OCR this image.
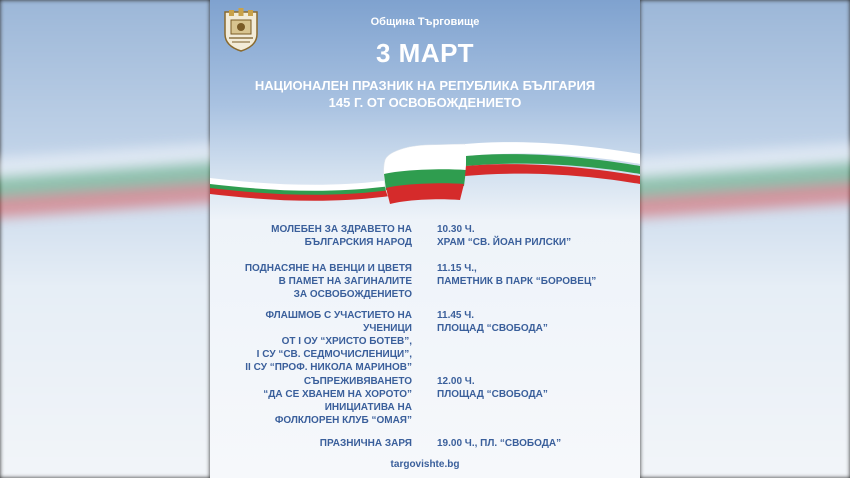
Община Търговище
3 МАРТ
НАЦИОНАЛЕН ПРАЗНИК НА РЕПУБЛИКА БЪЛГАРИЯ
145 Г. ОТ ОСВОБОЖДЕНИЕТО
МОЛЕБЕН ЗА ЗДРАВЕТО НА
БЪЛГАРСКИЯ НАРОД
10.30 Ч.
ХРАМ “СВ. ЙОАН РИЛСКИ”
ПОДНАСЯНЕ НА ВЕНЦИ И ЦВЕТЯ
В ПАМЕТ НА ЗАГИНАЛИТЕ
ЗА ОСВОБОЖДЕНИЕТО
11.15 Ч.,
ПАМЕТНИК В ПАРК “БОРОВЕЦ”
ФЛАШМОБ С УЧАСТИЕТО НА УЧЕНИЦИ
ОТ I ОУ “ХРИСТО БОТЕВ”,
I СУ “СВ. СЕДМОЧИСЛЕНИЦИ”,
II СУ “ПРОФ. НИКОЛА МАРИНОВ”
11.45 Ч.
ПЛОЩАД “СВОБОДА”
СЪПРЕЖИВЯВАНЕТО
“ДА СЕ ХВАНЕМ НА ХОРОТО”
ИНИЦИАТИВА НА
ФОЛКЛОРЕН КЛУБ “ОМАЯ”
12.00 Ч.
ПЛОЩАД “СВОБОДА”
ПРАЗНИЧНА ЗАРЯ	19.00 Ч., ПЛ. “СВОБОДА”
targovishte.bg
